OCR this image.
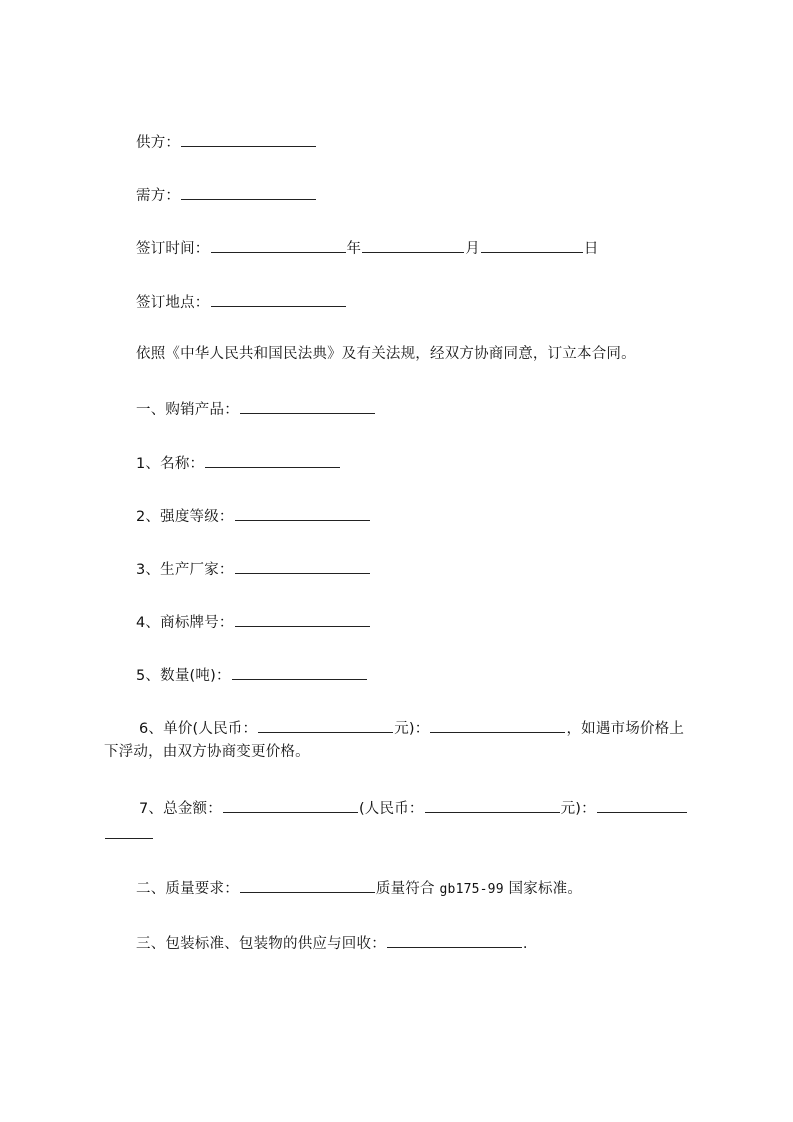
供方：
需方：
签订时间：	年	月	日
签订地点：
依照《中华人民共和国民法典》及有关法规，经双方协商同意，订立本合同。
一、购销产品：
1、名称：
2、强度等级：
3、生产厂家：
4、商标牌号：
5、数量(吨)：
6、单价(人民币：	元)：	，如遇市场价格上
下浮动，由双方协商变更价格。
7、总金额：	(人民币：	元)：
二、质量要求：	质量符合 gb175-99 国家标准。
三、包装标准、包装物的供应与回收：	.
